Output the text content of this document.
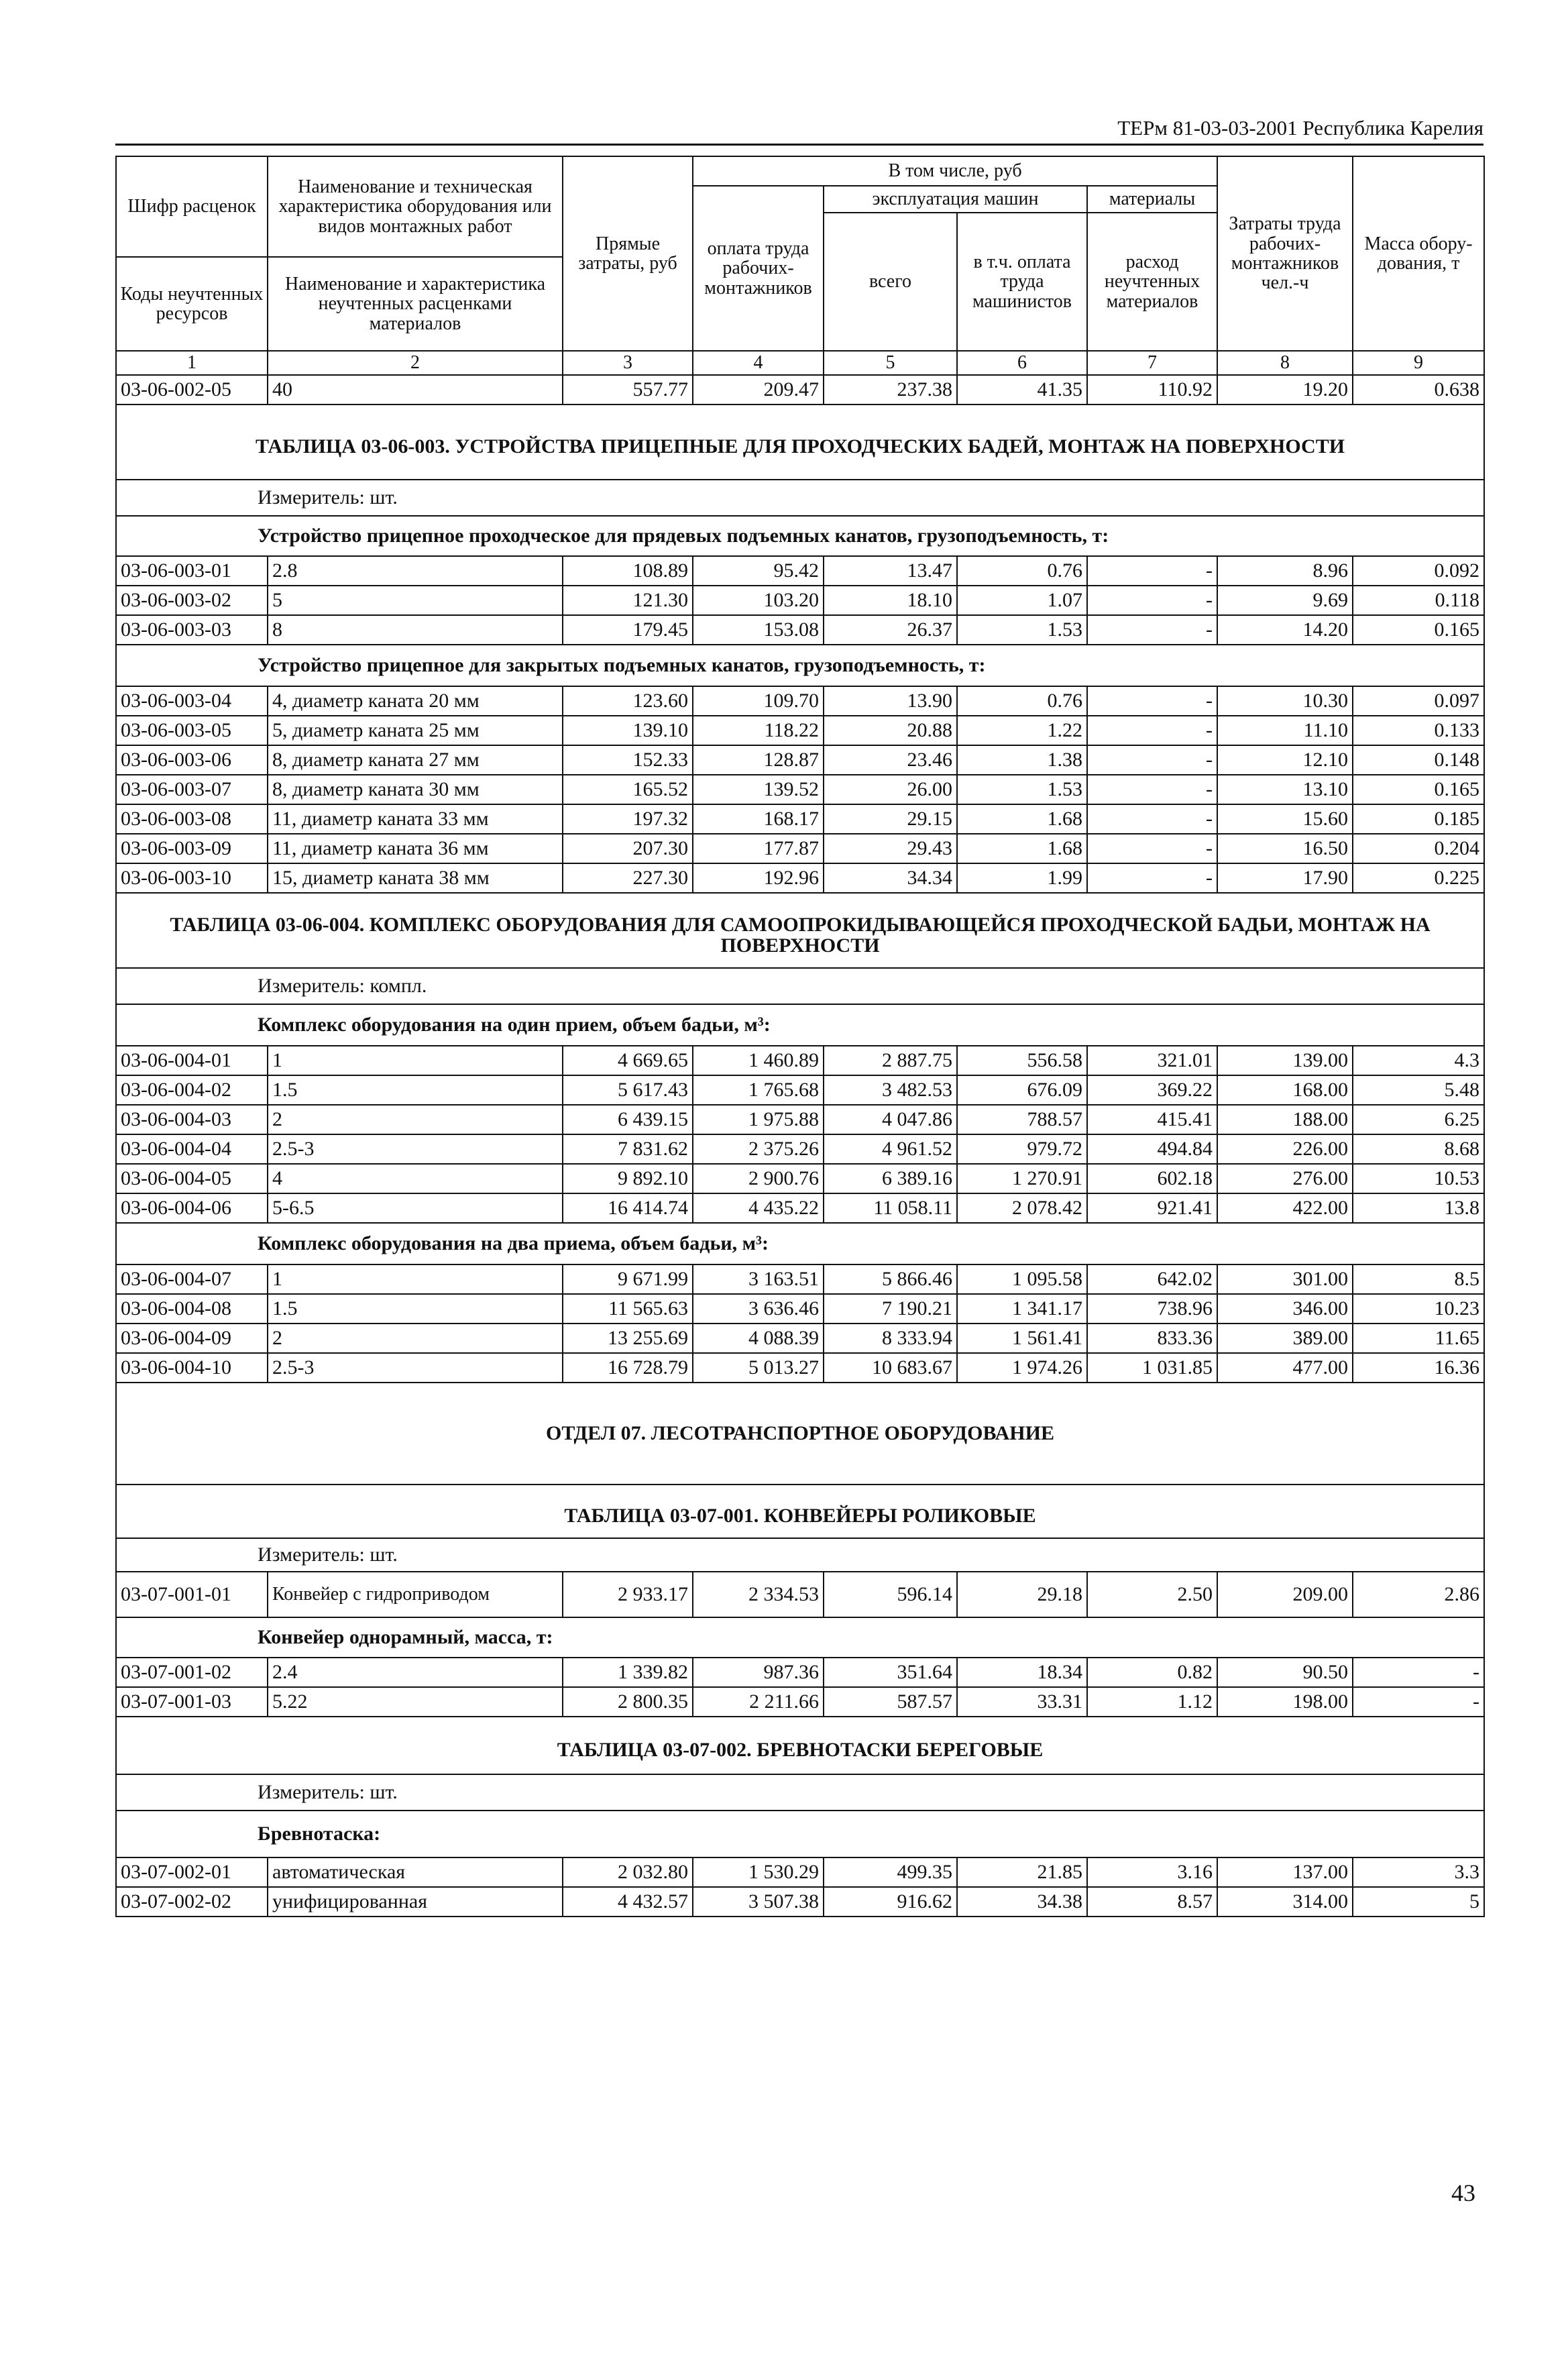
ТЕРм 81-03-03-2001 Республика Карелия
Шифр расценок	Наименование и техническая характеристика оборудования или видов монтажных работ	Прямые затраты, руб	В том числе, руб				Затраты труда рабочих-монтажников чел.-ч	Масса обору-дования, т
			оплата труда рабочих-монтажников	эксплуатация машин		материалы		
				всего	в т.ч. оплата труда машинистов	расход неучтенных материалов		
Коды неучтенных ресурсов	Наименование и характеристика неучтенных расценками материалов							

1	2	3	4	5	6	7	8	9
03-06-002-05	40	557.77	209.47	237.38	41.35	110.92	19.20	0.638
ТАБЛИЦА 03-06-003. УСТРОЙСТВА ПРИЦЕПНЫЕ ДЛЯ ПРОХОДЧЕСКИХ БАДЕЙ, МОНТАЖ НА ПОВЕРХНОСТИ								
Измеритель: шт.								
Устройство прицепное проходческое для прядевых подъемных канатов, грузоподъемность, т:								
03-06-003-01	2.8	108.89	95.42	13.47	0.76	-	8.96	0.092
03-06-003-02	5	121.30	103.20	18.10	1.07	-	9.69	0.118
03-06-003-03	8	179.45	153.08	26.37	1.53	-	14.20	0.165
Устройство прицепное для закрытых подъемных канатов, грузоподъемность, т:								
03-06-003-04	4, диаметр каната 20 мм	123.60	109.70	13.90	0.76	-	10.30	0.097
03-06-003-05	5, диаметр каната 25 мм	139.10	118.22	20.88	1.22	-	11.10	0.133
03-06-003-06	8, диаметр каната 27 мм	152.33	128.87	23.46	1.38	-	12.10	0.148
03-06-003-07	8, диаметр каната 30 мм	165.52	139.52	26.00	1.53	-	13.10	0.165
03-06-003-08	11, диаметр каната 33 мм	197.32	168.17	29.15	1.68	-	15.60	0.185
03-06-003-09	11, диаметр каната 36 мм	207.30	177.87	29.43	1.68	-	16.50	0.204
03-06-003-10	15, диаметр каната 38 мм	227.30	192.96	34.34	1.99	-	17.90	0.225
ТАБЛИЦА 03-06-004. КОМПЛЕКС ОБОРУДОВАНИЯ ДЛЯ САМООПРОКИДЫВАЮЩЕЙСЯ ПРОХОДЧЕСКОЙ БАДЬИ, МОНТАЖ НА ПОВЕРХНОСТИ								
Измеритель: компл.								
Комплекс оборудования на один прием, объем бадьи, м³:								
03-06-004-01	1	4 669.65	1 460.89	2 887.75	556.58	321.01	139.00	4.3
03-06-004-02	1.5	5 617.43	1 765.68	3 482.53	676.09	369.22	168.00	5.48
03-06-004-03	2	6 439.15	1 975.88	4 047.86	788.57	415.41	188.00	6.25
03-06-004-04	2.5-3	7 831.62	2 375.26	4 961.52	979.72	494.84	226.00	8.68
03-06-004-05	4	9 892.10	2 900.76	6 389.16	1 270.91	602.18	276.00	10.53
03-06-004-06	5-6.5	16 414.74	4 435.22	11 058.11	2 078.42	921.41	422.00	13.8
Комплекс оборудования на два приема, объем бадьи, м³:								
03-06-004-07	1	9 671.99	3 163.51	5 866.46	1 095.58	642.02	301.00	8.5
03-06-004-08	1.5	11 565.63	3 636.46	7 190.21	1 341.17	738.96	346.00	10.23
03-06-004-09	2	13 255.69	4 088.39	8 333.94	1 561.41	833.36	389.00	11.65
03-06-004-10	2.5-3	16 728.79	5 013.27	10 683.67	1 974.26	1 031.85	477.00	16.36
ОТДЕЛ 07. ЛЕСОТРАНСПОРТНОЕ ОБОРУДОВАНИЕ								
ТАБЛИЦА 03-07-001. КОНВЕЙЕРЫ РОЛИКОВЫЕ								
Измеритель: шт.								
03-07-001-01	Конвейер с гидроприводом	2 933.17	2 334.53	596.14	29.18	2.50	209.00	2.86
Конвейер однорамный, масса, т:								
03-07-001-02	2.4	1 339.82	987.36	351.64	18.34	0.82	90.50	-
03-07-001-03	5.22	2 800.35	2 211.66	587.57	33.31	1.12	198.00	-
ТАБЛИЦА 03-07-002. БРЕВНОТАСКИ БЕРЕГОВЫЕ								
Измеритель: шт.								
Бревнотаска:								
03-07-002-01	автоматическая	2 032.80	1 530.29	499.35	21.85	3.16	137.00	3.3
03-07-002-02	унифицированная	4 432.57	3 507.38	916.62	34.38	8.57	314.00	5
43
